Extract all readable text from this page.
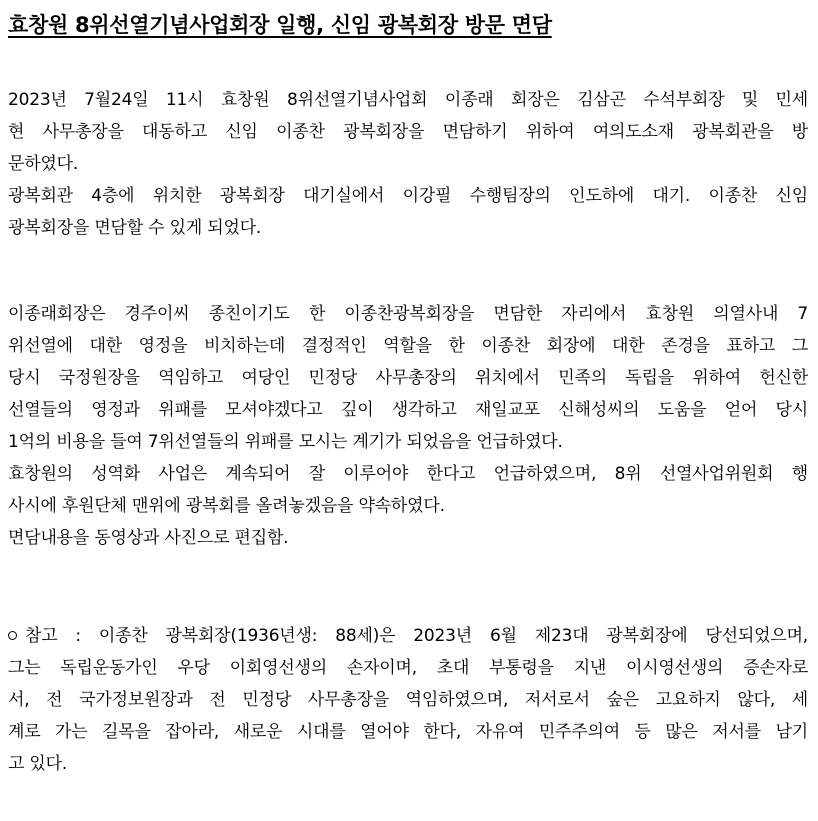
효창원 8위선열기념사업회장 일행, 신임 광복회장 방문 면담

2023년 7월24일 11시 효창원 8위선열기념사업회 이종래 회장은 김삼곤 수석부회장 및 민세
현 사무총장을 대동하고 신임 이종찬 광복회장을 면담하기 위하여 여의도소재 광복회관을 방
문하였다.

광복회관 4층에 위치한 광복회장 대기실에서 이강필 수행팀장의 인도하에 대기. 이종찬 신임
광복회장을 면담할 수 있게 되었다.

이종래회장은 경주이씨 종친이기도 한 이종찬광복회장을 면담한 자리에서 효창원 의열사내 7
위선열에 대한 영정을 비치하는데 결정적인 역할을 한 이종찬 회장에 대한 존경을 표하고 그
당시 국정원장을 역임하고 여당인 민정당 사무총장의 위치에서 민족의 독립을 위하여 헌신한
선열들의 영정과 위패를 모셔야겠다고 깊이 생각하고 재일교포 신해성씨의 도움을 얻어 당시
1억의 비용을 들여 7위선열들의 위패를 모시는 계기가 되었음을 언급하였다.

효창원의 성역화 사업은 계속되어 잘 이루어야 한다고 언급하였으며, 8위 선열사업위원회 행
사시에 후원단체 맨위에 광복회를 올려놓겠음을 약속하였다.

면담내용을 동영상과 사진으로 편집함.

참고 : 이종찬 광복회장(1936년생: 88세)은 2023년 6월 제23대 광복회장에 당선되었으며,
그는 독립운동가인 우당 이회영선생의 손자이며, 초대 부통령을 지낸 이시영선생의 증손자로
서, 전 국가정보원장과 전 민정당 사무총장을 역임하였으며, 저서로서 숲은 고요하지 않다, 세
계로 가는 길목을 잡아라, 새로운 시대를 열어야 한다, 자유여 민주주의여 등 많은 저서를 남기
고 있다.
